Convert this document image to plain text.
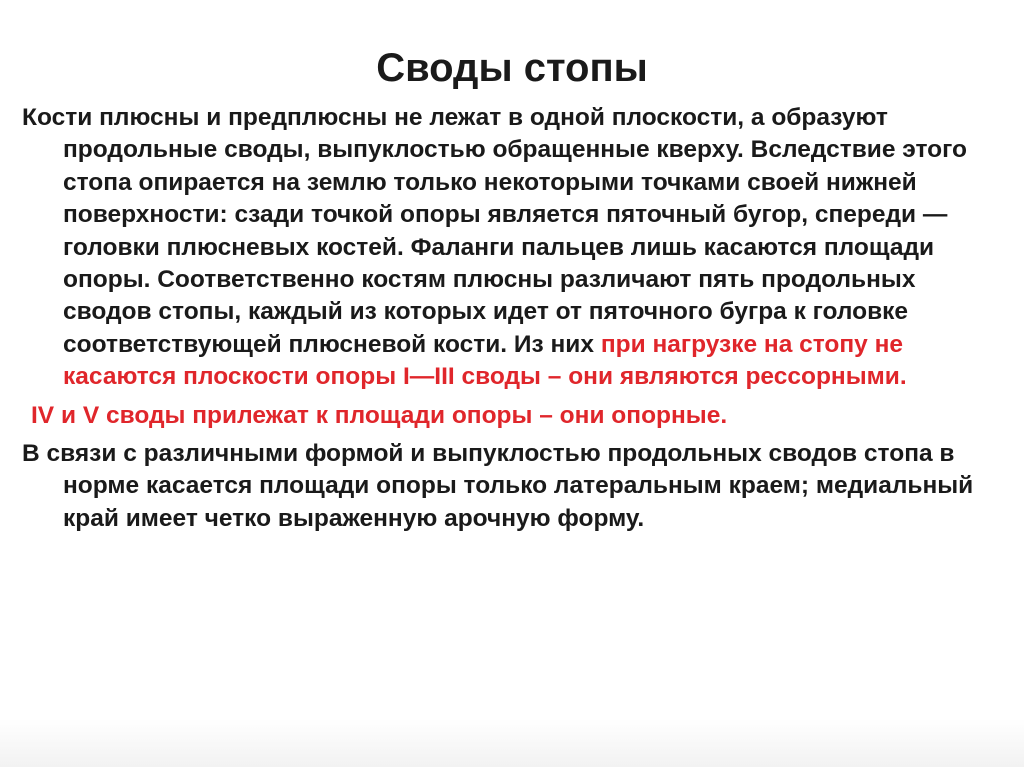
Своды стопы

Кости плюсны и предплюсны не лежат в одной плоскости, а образуют продольные своды, выпуклостью обращенные кверху. Вследствие этого стопа опирается на землю только некоторыми точками своей нижней поверхности: сзади точкой опоры является пяточный бугор, спереди — головки плюсневых костей. Фаланги пальцев лишь касаются площади опоры. Соответственно костям плюсны различают пять продольных сводов стопы, каждый из которых идет от пяточного бугра к головке соответствующей плюсневой кости. Из них при нагрузке на стопу не касаются плоскости опоры I—III своды – они являются рессорными.

IV и V своды прилежат к площади опоры – они опорные.

В связи с различными формой и выпуклостью продольных сводов стопа в норме касается площади опоры только латеральным краем; медиальный край имеет четко выраженную арочную форму.
